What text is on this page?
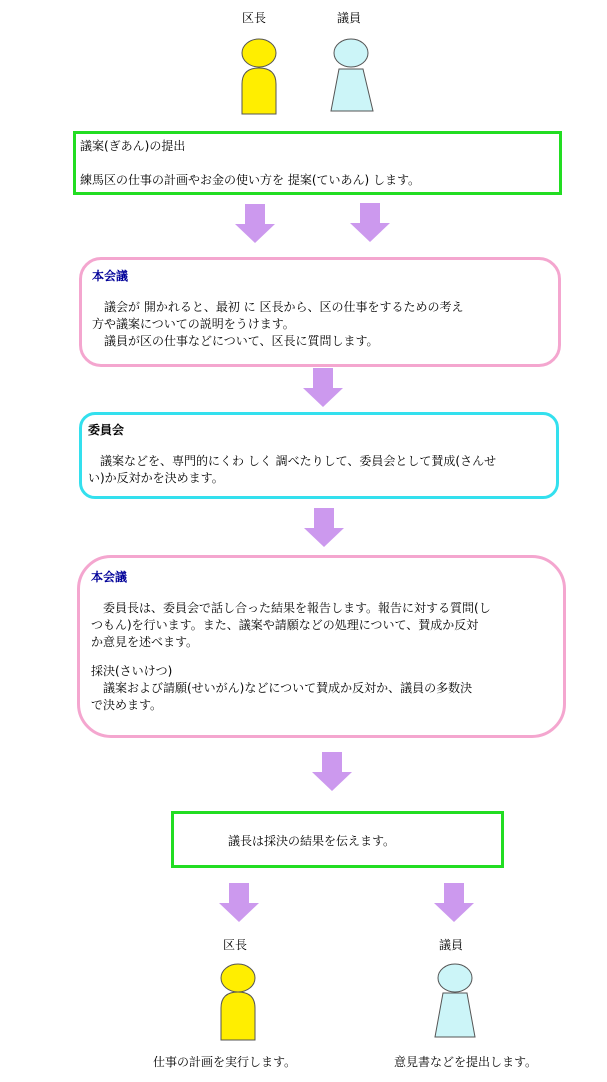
区長	議員

議案(ぎあん)の提出

練馬区の仕事の計画やお金の使い方を 提案(ていあん) します。

本会議

　議会が 開かれると、最初 に 区長から、区の仕事をするための考え

方や議案についての説明をうけます。

　議員が区の仕事などについて、区長に質問します。

委員会

　議案などを、専門的にくわ しく 調べたりして、委員会として賛成(さんせ

い)か反対かを決めます。

本会議

　委員長は、委員会で話し合った結果を報告します。報告に対する質問(し

つもん)を行います。また、議案や請願などの処理について、賛成か反対

か意見を述べます。

採決(さいけつ)

　議案および請願(せいがん)などについて賛成か反対か、議員の多数決

で決めます。

議長は採決の結果を伝えます。

区長	議員
仕事の計画を実行します。	意見書などを提出します。
